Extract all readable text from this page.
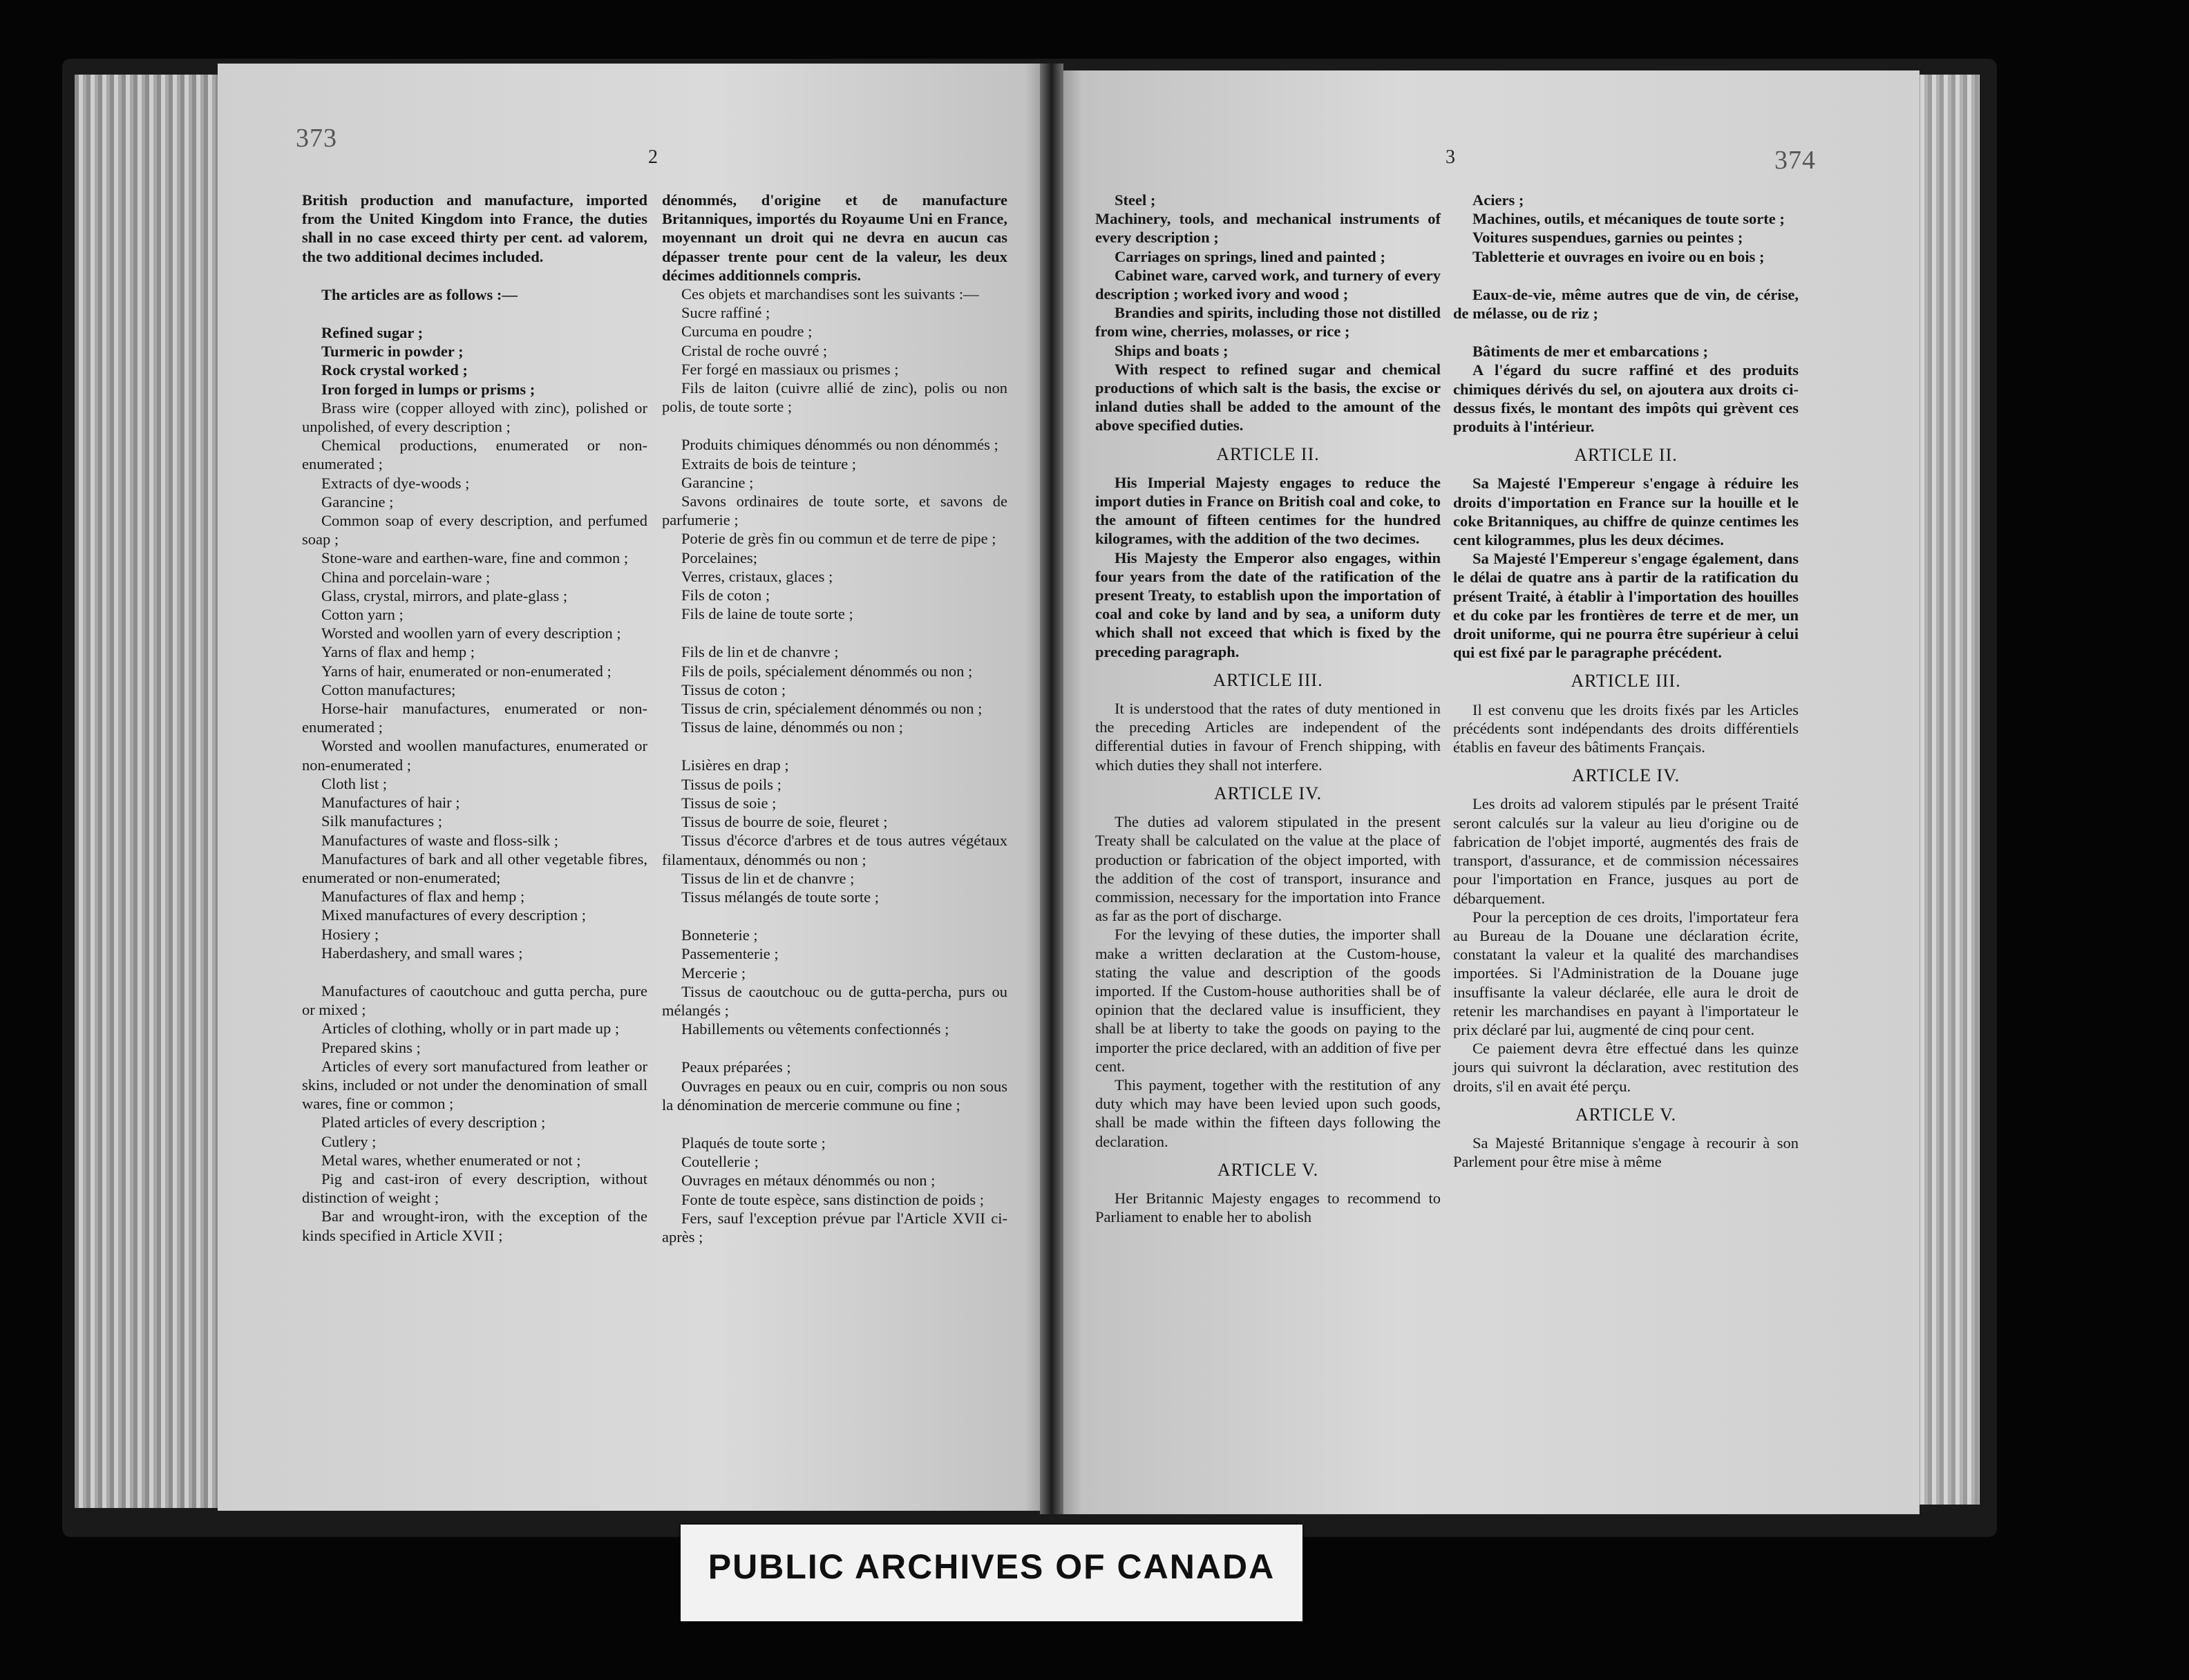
373
2	374
3

British production and manufacture, imported from the United Kingdom into France, the duties shall in no case exceed thirty per cent. ad valorem, the two additional decimes included.

The articles are as follows :—

Refined sugar ;

Turmeric in powder ;

Rock crystal worked ;

Iron forged in lumps or prisms ;

Brass wire (copper alloyed with zinc), polished or unpolished, of every description ;

Chemical productions, enumerated or non-enumerated ;

Extracts of dye-woods ;

Garancine ;

Common soap of every description, and perfumed soap ;

Stone-ware and earthen-ware, fine and common ;

China and porcelain-ware ;

Glass, crystal, mirrors, and plate-glass ;

Cotton yarn ;

Worsted and woollen yarn of every description ;

Yarns of flax and hemp ;

Yarns of hair, enumerated or non-enumerated ;

Cotton manufactures;

Horse-hair manufactures, enumerated or non-enumerated ;

Worsted and woollen manufactures, enumerated or non-enumerated ;

Cloth list ;

Manufactures of hair ;

Silk manufactures ;

Manufactures of waste and floss-silk ;

Manufactures of bark and all other vegetable fibres, enumerated or non-enumerated;

Manufactures of flax and hemp ;

Mixed manufactures of every description ;

Hosiery ;

Haberdashery, and small wares ;

Manufactures of caoutchouc and gutta percha, pure or mixed ;

Articles of clothing, wholly or in part made up ;

Prepared skins ;

Articles of every sort manufactured from leather or skins, included or not under the denomination of small wares, fine or common ;

Plated articles of every description ;

Cutlery ;

Metal wares, whether enumerated or not ;

Pig and cast-iron of every description, without distinction of weight ;

Bar and wrought-iron, with the exception of the kinds specified in Article XVII ;

dénommés, d'origine et de manufacture Britanniques, importés du Royaume Uni en France, moyennant un droit qui ne devra en aucun cas dépasser trente pour cent de la valeur, les deux décimes additionnels compris.

Ces objets et marchandises sont les suivants :—

Sucre raffiné ;

Curcuma en poudre ;

Cristal de roche ouvré ;

Fer forgé en massiaux ou prismes ;

Fils de laiton (cuivre allié de zinc), polis ou non polis, de toute sorte ;

Produits chimiques dénommés ou non dénommés ;

Extraits de bois de teinture ;

Garancine ;

Savons ordinaires de toute sorte, et savons de parfumerie ;

Poterie de grès fin ou commun et de terre de pipe ;

Porcelaines;

Verres, cristaux, glaces ;

Fils de coton ;

Fils de laine de toute sorte ;

Fils de lin et de chanvre ;

Fils de poils, spécialement dénommés ou non ;

Tissus de coton ;

Tissus de crin, spécialement dénommés ou non ;

Tissus de laine, dénommés ou non ;

Lisières en drap ;

Tissus de poils ;

Tissus de soie ;

Tissus de bourre de soie, fleuret ;

Tissus d'écorce d'arbres et de tous autres végétaux filamentaux, dénommés ou non ;

Tissus de lin et de chanvre ;

Tissus mélangés de toute sorte ;

Bonneterie ;

Passementerie ;

Mercerie ;

Tissus de caoutchouc ou de gutta-percha, purs ou mélangés ;

Habillements ou vêtements confectionnés ;

Peaux préparées ;

Ouvrages en peaux ou en cuir, compris ou non sous la dénomination de mercerie commune ou fine ;

Plaqués de toute sorte ;

Coutellerie ;

Ouvrages en métaux dénommés ou non ;

Fonte de toute espèce, sans distinction de poids ;

Fers, sauf l'exception prévue par l'Article XVII ci-après ;

Steel ;

Machinery, tools, and mechanical instruments of every description ;

Carriages on springs, lined and painted ;

Cabinet ware, carved work, and turnery of every description ; worked ivory and wood ;

Brandies and spirits, including those not distilled from wine, cherries, molasses, or rice ;

Ships and boats ;

With respect to refined sugar and chemical productions of which salt is the basis, the excise or inland duties shall be added to the amount of the above specified duties.

ARTICLE II.

His Imperial Majesty engages to reduce the import duties in France on British coal and coke, to the amount of fifteen centimes for the hundred kilogrames, with the addition of the two decimes.

His Majesty the Emperor also engages, within four years from the date of the ratification of the present Treaty, to establish upon the importation of coal and coke by land and by sea, a uniform duty which shall not exceed that which is fixed by the preceding paragraph.

ARTICLE III.

It is understood that the rates of duty mentioned in the preceding Articles are independent of the differential duties in favour of French shipping, with which duties they shall not interfere.

ARTICLE IV.

The duties ad valorem stipulated in the present Treaty shall be calculated on the value at the place of production or fabrication of the object imported, with the addition of the cost of transport, insurance and commission, necessary for the importation into France as far as the port of discharge.

For the levying of these duties, the importer shall make a written declaration at the Custom-house, stating the value and description of the goods imported. If the Custom-house authorities shall be of opinion that the declared value is insufficient, they shall be at liberty to take the goods on paying to the importer the price declared, with an addition of five per cent.

This payment, together with the restitution of any duty which may have been levied upon such goods, shall be made within the fifteen days following the declaration.

ARTICLE V.

Her Britannic Majesty engages to recommend to Parliament to enable her to abolish

Aciers ;

Machines, outils, et mécaniques de toute sorte ;

Voitures suspendues, garnies ou peintes ;

Tabletterie et ouvrages en ivoire ou en bois ;

Eaux-de-vie, même autres que de vin, de cérise, de mélasse, ou de riz ;

Bâtiments de mer et embarcations ;

A l'égard du sucre raffiné et des produits chimiques dérivés du sel, on ajoutera aux droits ci-dessus fixés, le montant des impôts qui grèvent ces produits à l'intérieur.

ARTICLE II.

Sa Majesté l'Empereur s'engage à réduire les droits d'importation en France sur la houille et le coke Britanniques, au chiffre de quinze centimes les cent kilogrammes, plus les deux décimes.

Sa Majesté l'Empereur s'engage également, dans le délai de quatre ans à partir de la ratification du présent Traité, à établir à l'importation des houilles et du coke par les frontières de terre et de mer, un droit uniforme, qui ne pourra être supérieur à celui qui est fixé par le paragraphe précédent.

ARTICLE III.

Il est convenu que les droits fixés par les Articles précédents sont indépendants des droits différentiels établis en faveur des bâtiments Français.

ARTICLE IV.

Les droits ad valorem stipulés par le présent Traité seront calculés sur la valeur au lieu d'origine ou de fabrication de l'objet importé, augmentés des frais de transport, d'assurance, et de commission nécessaires pour l'importation en France, jusques au port de débarquement.

Pour la perception de ces droits, l'importateur fera au Bureau de la Douane une déclaration écrite, constatant la valeur et la qualité des marchandises importées. Si l'Administration de la Douane juge insuffisante la valeur déclarée, elle aura le droit de retenir les marchandises en payant à l'importateur le prix déclaré par lui, augmenté de cinq pour cent.

Ce paiement devra être effectué dans les quinze jours qui suivront la déclaration, avec restitution des droits, s'il en avait été perçu.

ARTICLE V.

Sa Majesté Britannique s'engage à recourir à son Parlement pour être mise à même

PUBLIC ARCHIVES OF CANADA
